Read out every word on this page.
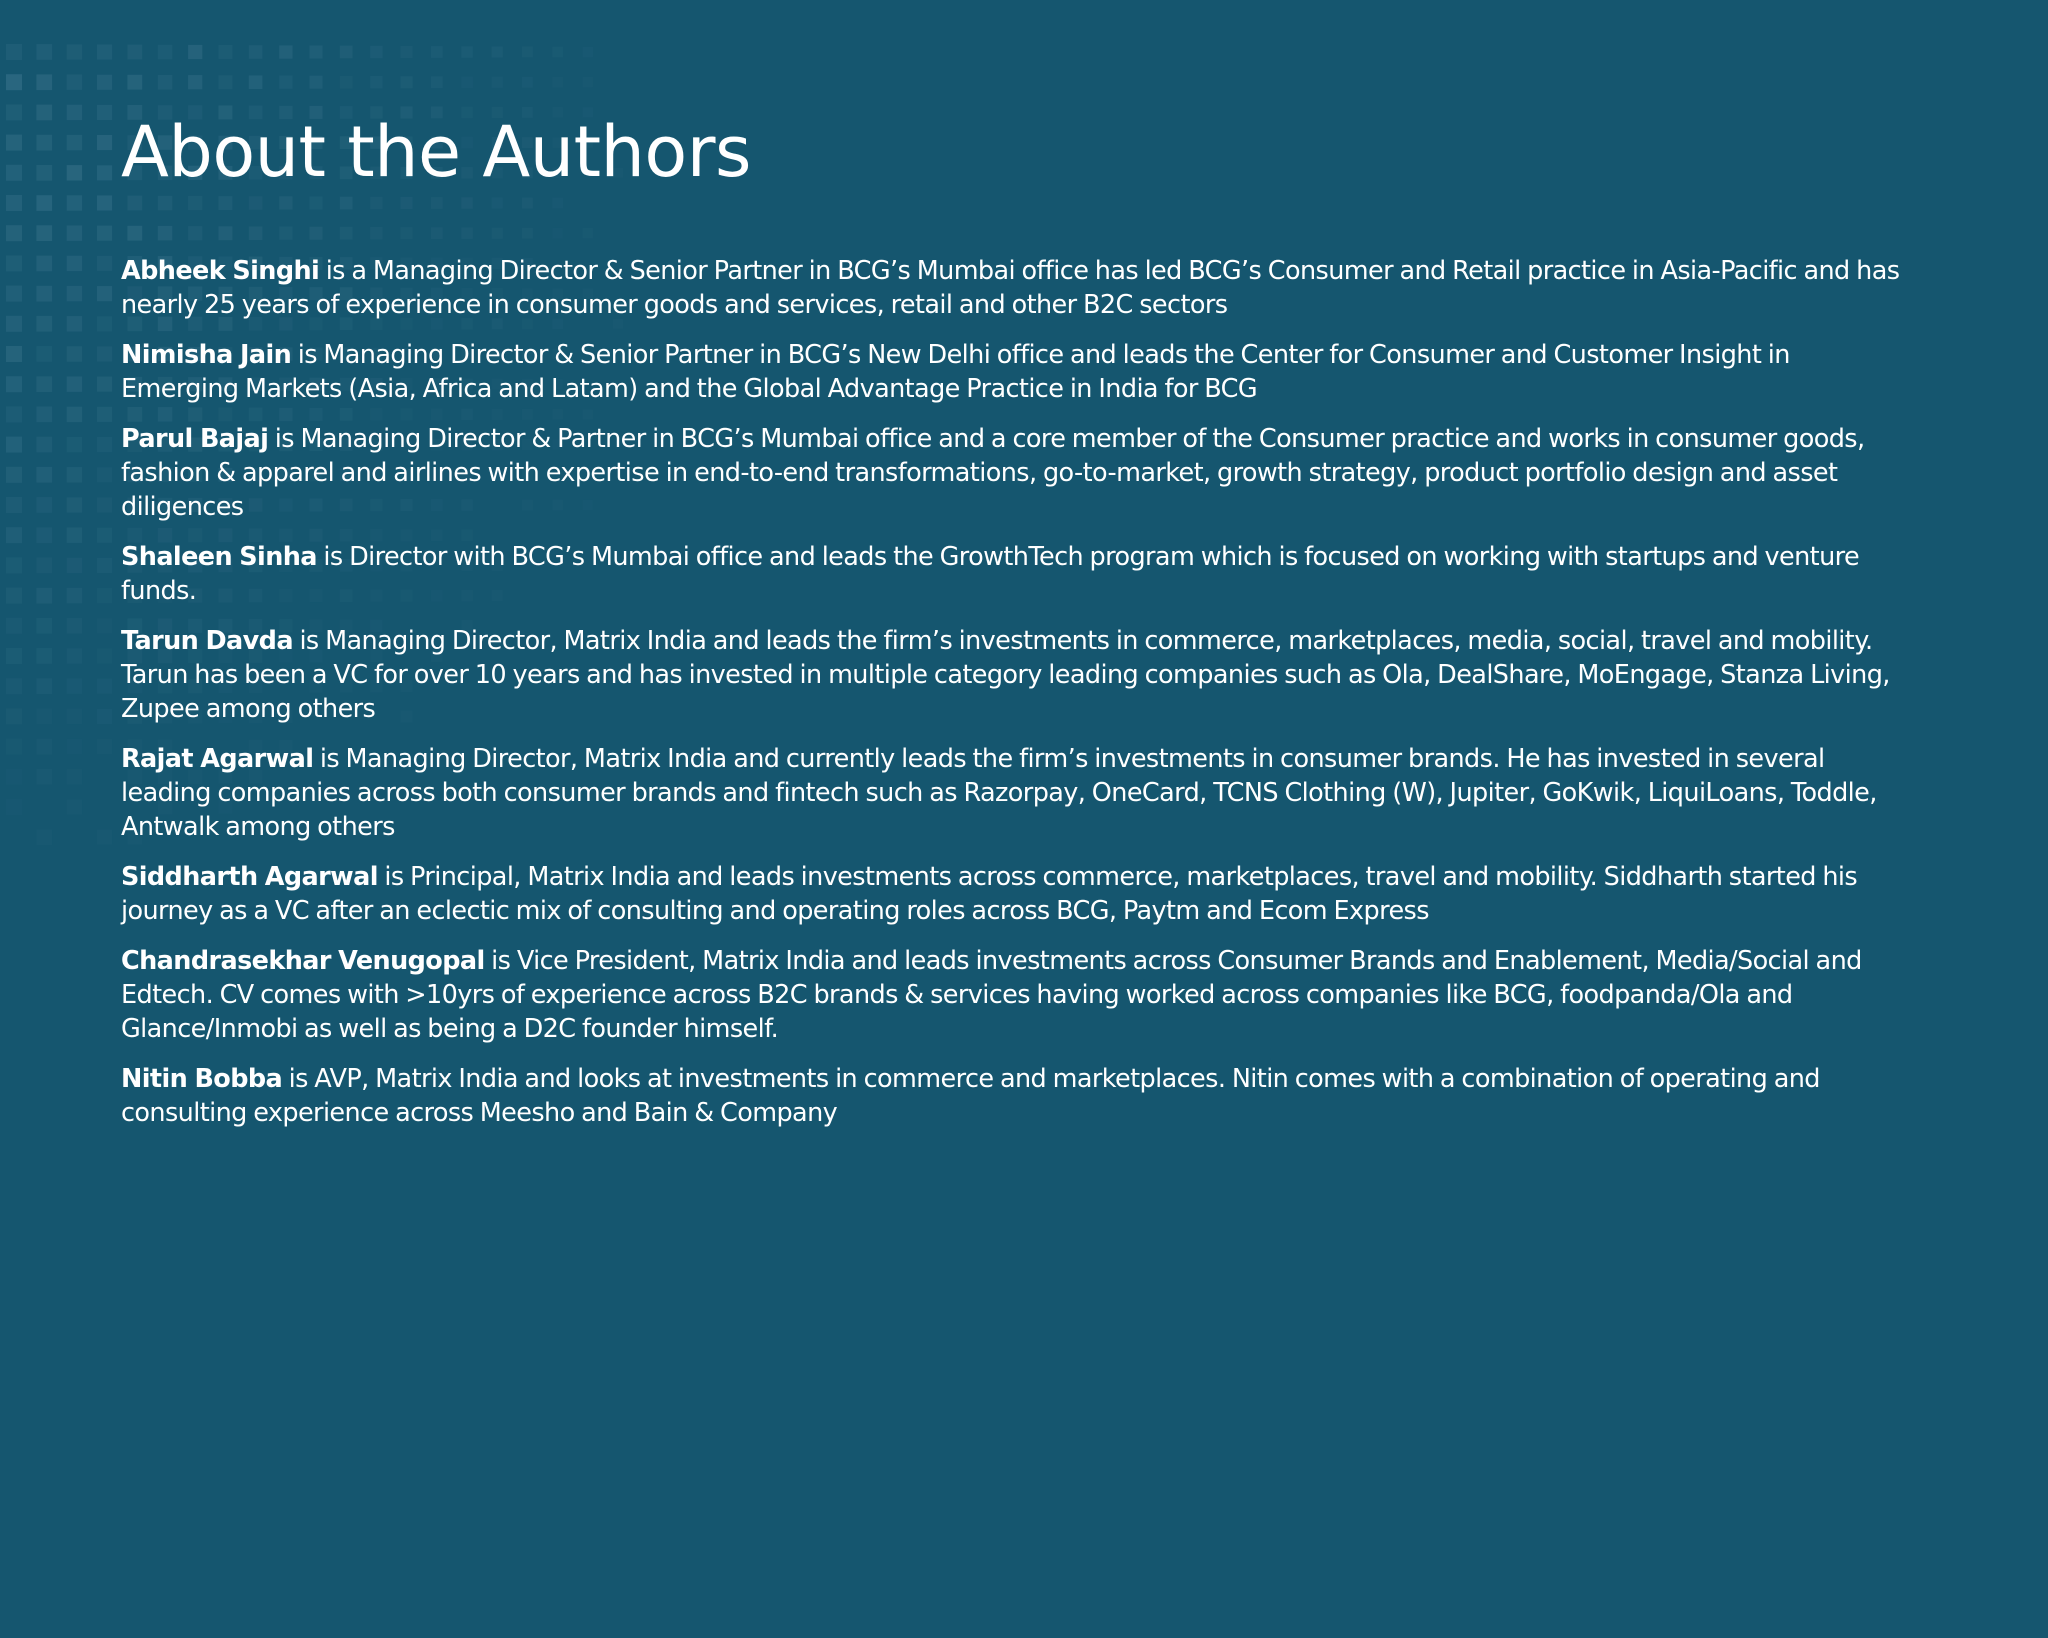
About the Authors

Abheek Singhi is a Managing Director & Senior Partner in BCG’s Mumbai office has led BCG’s Consumer and Retail practice in Asia-Pacific and has nearly 25 years of experience in consumer goods and services, retail and other B2C sectors

Nimisha Jain is Managing Director & Senior Partner in BCG’s New Delhi office and leads the Center for Consumer and Customer Insight in Emerging Markets (Asia, Africa and Latam) and the Global Advantage Practice in India for BCG

Parul Bajaj is Managing Director & Partner in BCG’s Mumbai office and a core member of the Consumer practice and works in consumer goods, fashion & apparel and airlines with expertise in end-to-end transformations, go-to-market, growth strategy, product portfolio design and asset diligences

Shaleen Sinha is Director with BCG’s Mumbai office and leads the GrowthTech program which is focused on working with startups and venture funds.

Tarun Davda is Managing Director, Matrix India and leads the firm’s investments in commerce, marketplaces, media, social, travel and mobility. Tarun has been a VC for over 10 years and has invested in multiple category leading companies such as Ola, DealShare, MoEngage, Stanza Living, Zupee among others

Rajat Agarwal is Managing Director, Matrix India and currently leads the firm’s investments in consumer brands. He has invested in several leading companies across both consumer brands and fintech such as Razorpay, OneCard, TCNS Clothing (W), Jupiter, GoKwik, LiquiLoans, Toddle, Antwalk among others

Siddharth Agarwal is Principal, Matrix India and leads investments across commerce, marketplaces, travel and mobility. Siddharth started his journey as a VC after an eclectic mix of consulting and operating roles across BCG, Paytm and Ecom Express

Chandrasekhar Venugopal is Vice President, Matrix India and leads investments across Consumer Brands and Enablement, Media/Social and Edtech. CV comes with >10yrs of experience across B2C brands & services having worked across companies like BCG, foodpanda/Ola and Glance/Inmobi as well as being a D2C founder himself.

Nitin Bobba is AVP, Matrix India and looks at investments in commerce and marketplaces. Nitin comes with a combination of operating and consulting experience across Meesho and Bain & Company
